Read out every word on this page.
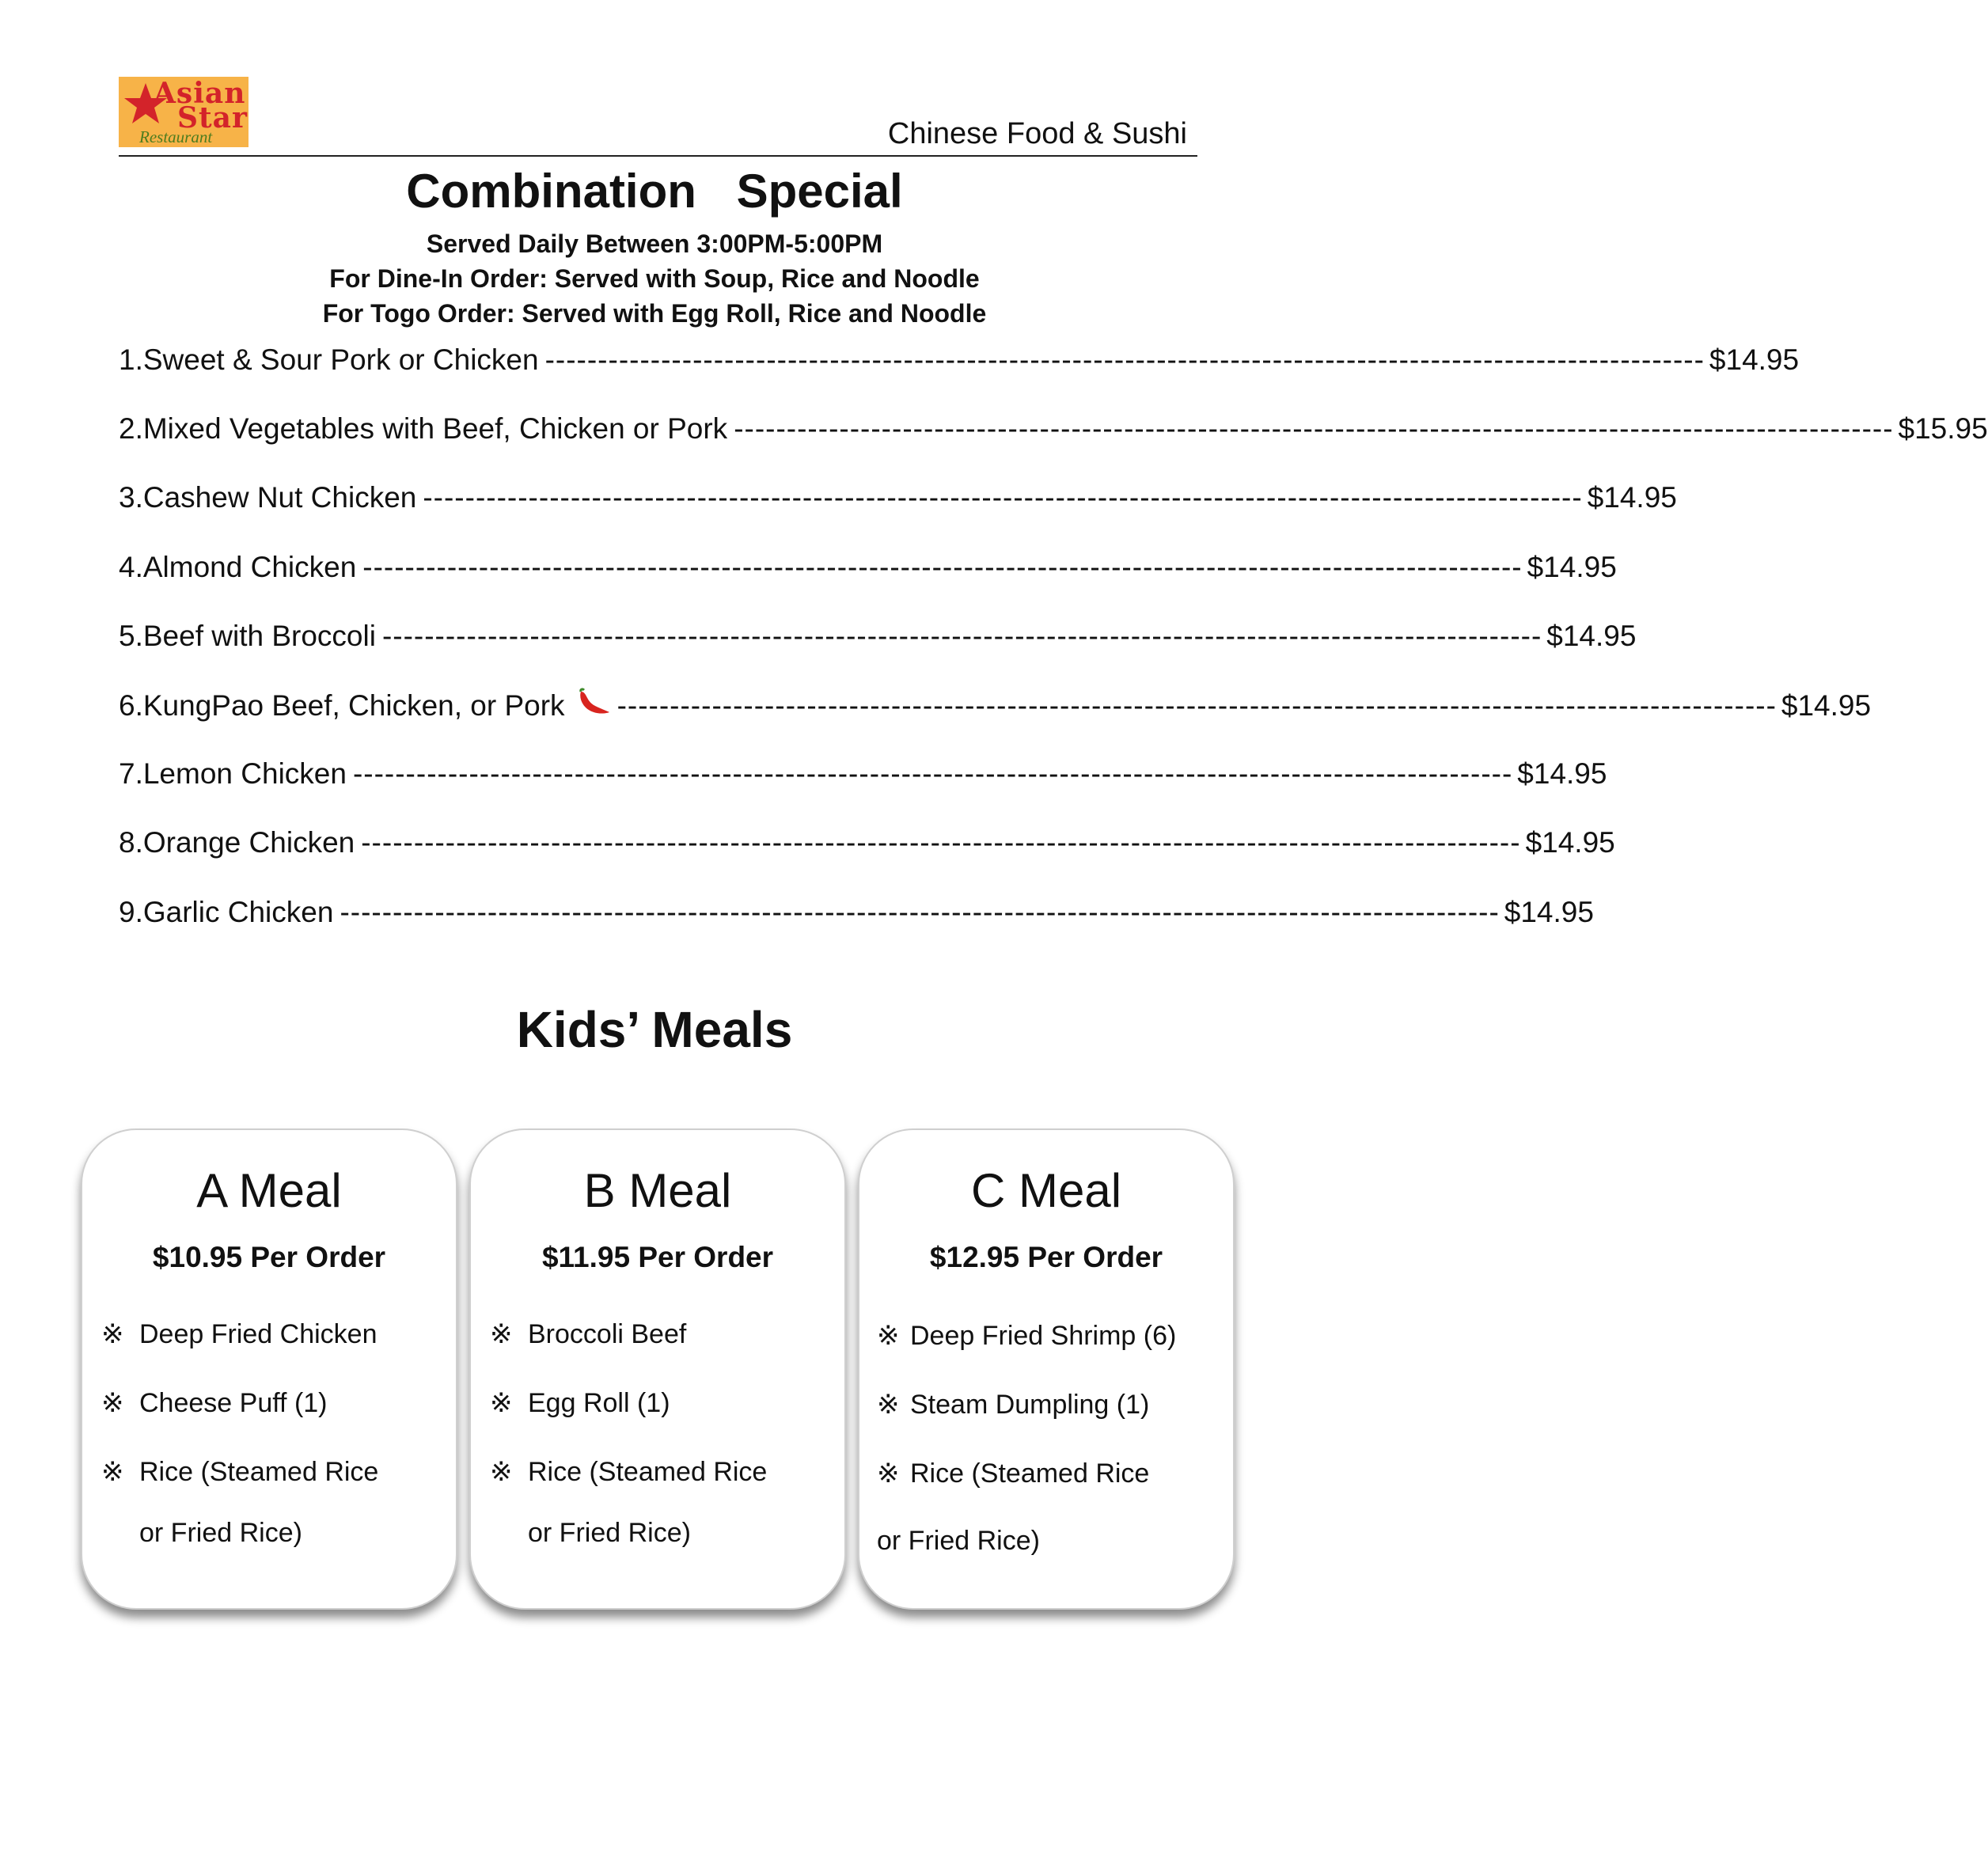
Asian
Star
Restaurant	Chinese Food & Sushi
Combination Special
Served Daily Between 3:00PM-5:00PM
For Dine-In Order: Served with Soup, Rice and Noodle
For Togo Order: Served with Egg Roll, Rice and Noodle
1. Sweet & Sour Pork or Chicken -------------------------------------------------------------------------------------------------------------- $14.95
2. Mixed Vegetables with Beef, Chicken or Pork -------------------------------------------------------------------------------------------------------------- $15.95
3. Cashew Nut Chicken -------------------------------------------------------------------------------------------------------------- $14.95
4. Almond Chicken -------------------------------------------------------------------------------------------------------------- $14.95
5. Beef with Broccoli -------------------------------------------------------------------------------------------------------------- $14.95
6. KungPao Beef, Chicken, or Pork -------------------------------------------------------------------------------------------------------------- $14.95
7. Lemon Chicken -------------------------------------------------------------------------------------------------------------- $14.95
8. Orange Chicken -------------------------------------------------------------------------------------------------------------- $14.95
9. Garlic Chicken -------------------------------------------------------------------------------------------------------------- $14.95
Kids’ Meals
A Meal
$10.95 Per Order
※ Deep Fried Chicken
※ Cheese Puff (1)
※ Rice (Steamed Rice
or Fried Rice)
B Meal
$11.95 Per Order
※ Broccoli Beef
※ Egg Roll (1)
※ Rice (Steamed Rice
or Fried Rice)
C Meal
$12.95 Per Order
※ Deep Fried Shrimp (6)
※ Steam Dumpling (1)
※ Rice (Steamed Rice
or Fried Rice)
